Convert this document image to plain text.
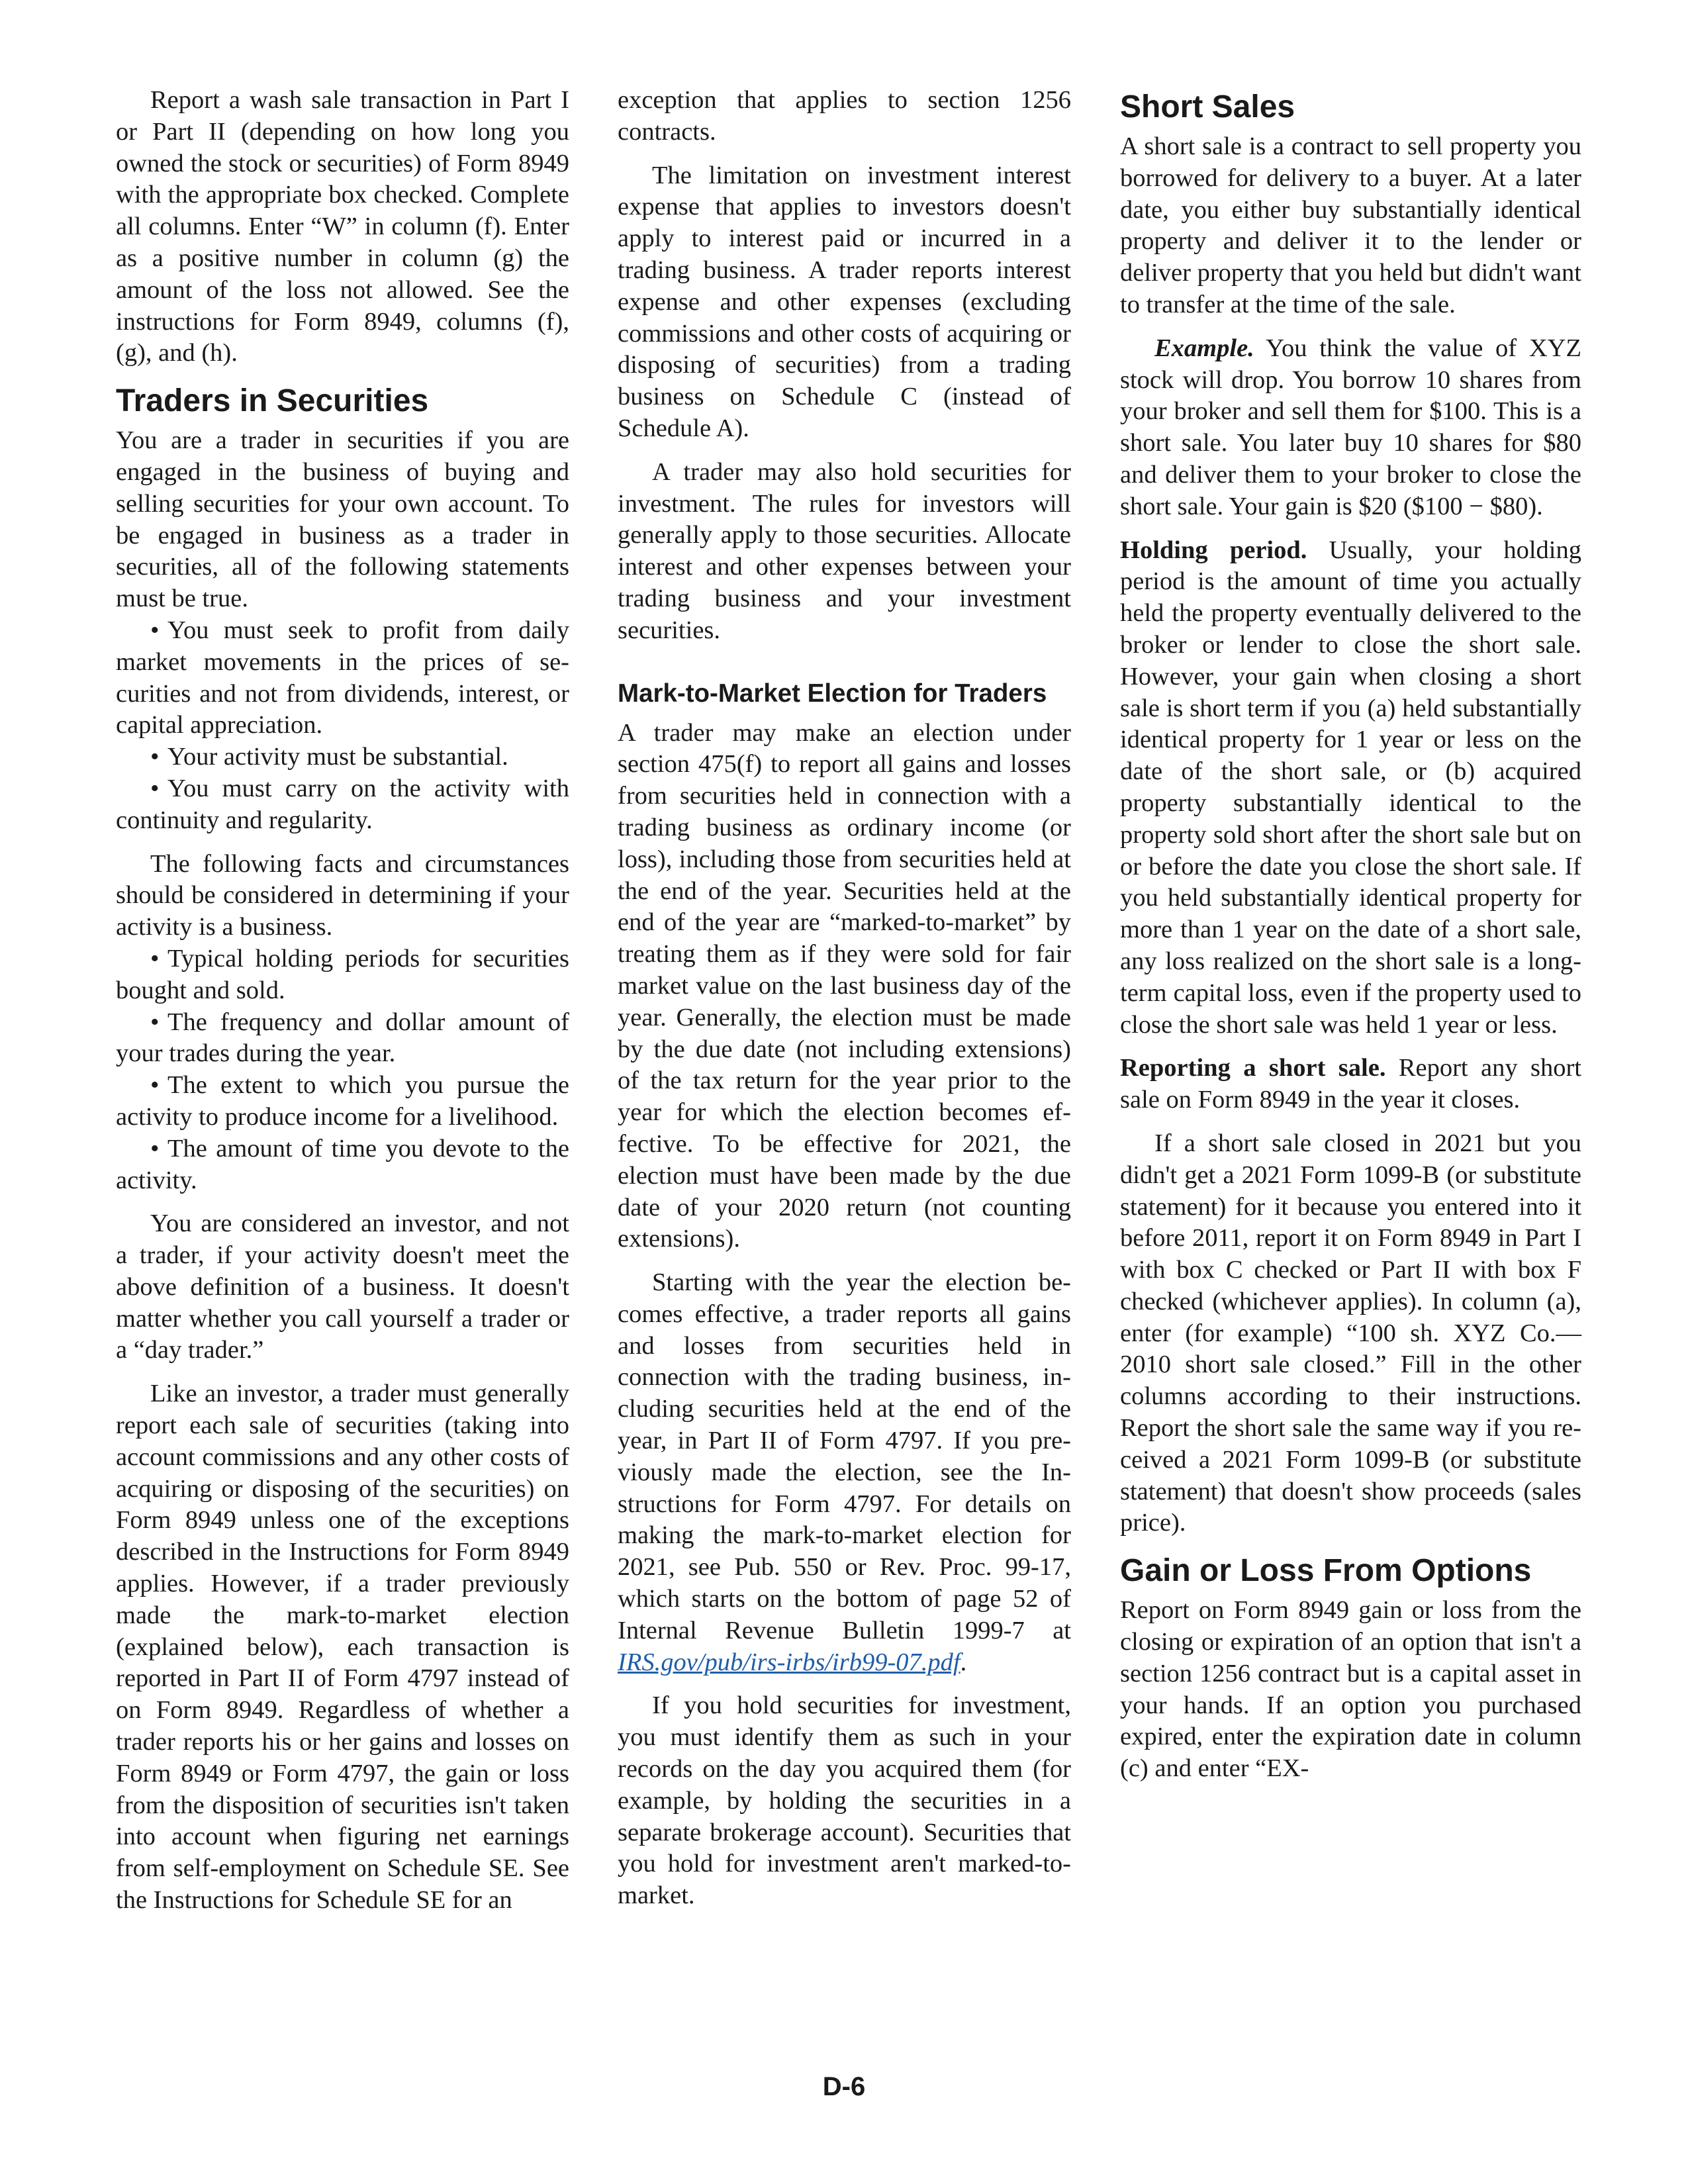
Report a wash sale transaction in Part I or Part II (depending on how long you owned the stock or securities) of Form 8949 with the appropriate box checked. Complete all columns. Enter “W” in column (f). Enter as a positive number in column (g) the amount of the loss not allowed. See the instructions for Form 8949, columns (f), (g), and (h).

Traders in Securities

You are a trader in securities if you are engaged in the business of buying and selling securities for your own account. To be engaged in business as a trader in securities, all of the following statements must be true.

• You must seek to profit from daily market movements in the prices of securities and not from dividends, interest, or capital appreciation.

• Your activity must be substantial.

• You must carry on the activity with continuity and regularity.

The following facts and circumstances should be considered in determining if your activity is a business.

• Typical holding periods for securities bought and sold.

• The frequency and dollar amount of your trades during the year.

• The extent to which you pursue the activity to produce income for a livelihood.

• The amount of time you devote to the activity.

You are considered an investor, and not a trader, if your activity doesn't meet the above definition of a business. It doesn't matter whether you call yourself a trader or a “day trader.”

Like an investor, a trader must generally report each sale of securities (taking into account commissions and any other costs of acquiring or disposing of the securities) on Form 8949 unless one of the exceptions described in the Instructions for Form 8949 applies. However, if a trader previously made the mark-to-market election (explained below), each transaction is reported in Part II of Form 4797 instead of on Form 8949. Regardless of whether a trader reports his or her gains and losses on Form 8949 or Form 4797, the gain or loss from the disposition of securities isn't taken into account when figuring net earnings from self-employment on Schedule SE. See the Instructions for Schedule SE for an

exception that applies to section 1256 contracts.

The limitation on investment interest expense that applies to investors doesn't apply to interest paid or incurred in a trading business. A trader reports interest expense and other expenses (excluding commissions and other costs of acquiring or disposing of securities) from a trading business on Schedule C (instead of Schedule A).

A trader may also hold securities for investment. The rules for investors will generally apply to those securities. Allocate interest and other expenses between your trading business and your investment securities.

Mark-to-Market Election for Traders

A trader may make an election under section 475(f) to report all gains and losses from securities held in connection with a trading business as ordinary income (or loss), including those from securities held at the end of the year. Securities held at the end of the year are “marked-to-market” by treating them as if they were sold for fair market value on the last business day of the year. Generally, the election must be made by the due date (not including extensions) of the tax return for the year prior to the year for which the election becomes effective. To be effective for 2021, the election must have been made by the due date of your 2020 return (not counting extensions).

Starting with the year the election becomes effective, a trader reports all gains and losses from securities held in connection with the trading business, including securities held at the end of the year, in Part II of Form 4797. If you previously made the election, see the Instructions for Form 4797. For details on making the mark-to-market election for 2021, see Pub. 550 or Rev. Proc. 99-17, which starts on the bottom of page 52 of Internal Revenue Bulletin 1999-7 at IRS.gov/pub/irs-irbs/irb99-07.pdf.

If you hold securities for investment, you must identify them as such in your records on the day you acquired them (for example, by holding the securities in a separate brokerage account). Securities that you hold for investment aren't marked-to-market.

Short Sales

A short sale is a contract to sell property you borrowed for delivery to a buyer. At a later date, you either buy substantially identical property and deliver it to the lender or deliver property that you held but didn't want to transfer at the time of the sale.

Example. You think the value of XYZ stock will drop. You borrow 10 shares from your broker and sell them for $100. This is a short sale. You later buy 10 shares for $80 and deliver them to your broker to close the short sale. Your gain is $20 ($100 − $80).

Holding period. Usually, your holding period is the amount of time you actually held the property eventually delivered to the broker or lender to close the short sale. However, your gain when closing a short sale is short term if you (a) held substantially identical property for 1 year or less on the date of the short sale, or (b) acquired property substantially identical to the property sold short after the short sale but on or before the date you close the short sale. If you held substantially identical property for more than 1 year on the date of a short sale, any loss realized on the short sale is a long-term capital loss, even if the property used to close the short sale was held 1 year or less.

Reporting a short sale. Report any short sale on Form 8949 in the year it closes.

If a short sale closed in 2021 but you didn't get a 2021 Form 1099-B (or substitute statement) for it because you entered into it before 2011, report it on Form 8949 in Part I with box C checked or Part II with box F checked (whichever applies). In column (a), enter (for example) “100 sh. XYZ Co.—2010 short sale closed.” Fill in the other columns according to their instructions. Report the short sale the same way if you received a 2021 Form 1099-B (or substitute statement) that doesn't show proceeds (sales price).

Gain or Loss From Options

Report on Form 8949 gain or loss from the closing or expiration of an option that isn't a section 1256 contract but is a capital asset in your hands. If an option you purchased expired, enter the expiration date in column (c) and enter “EX-

D-6
